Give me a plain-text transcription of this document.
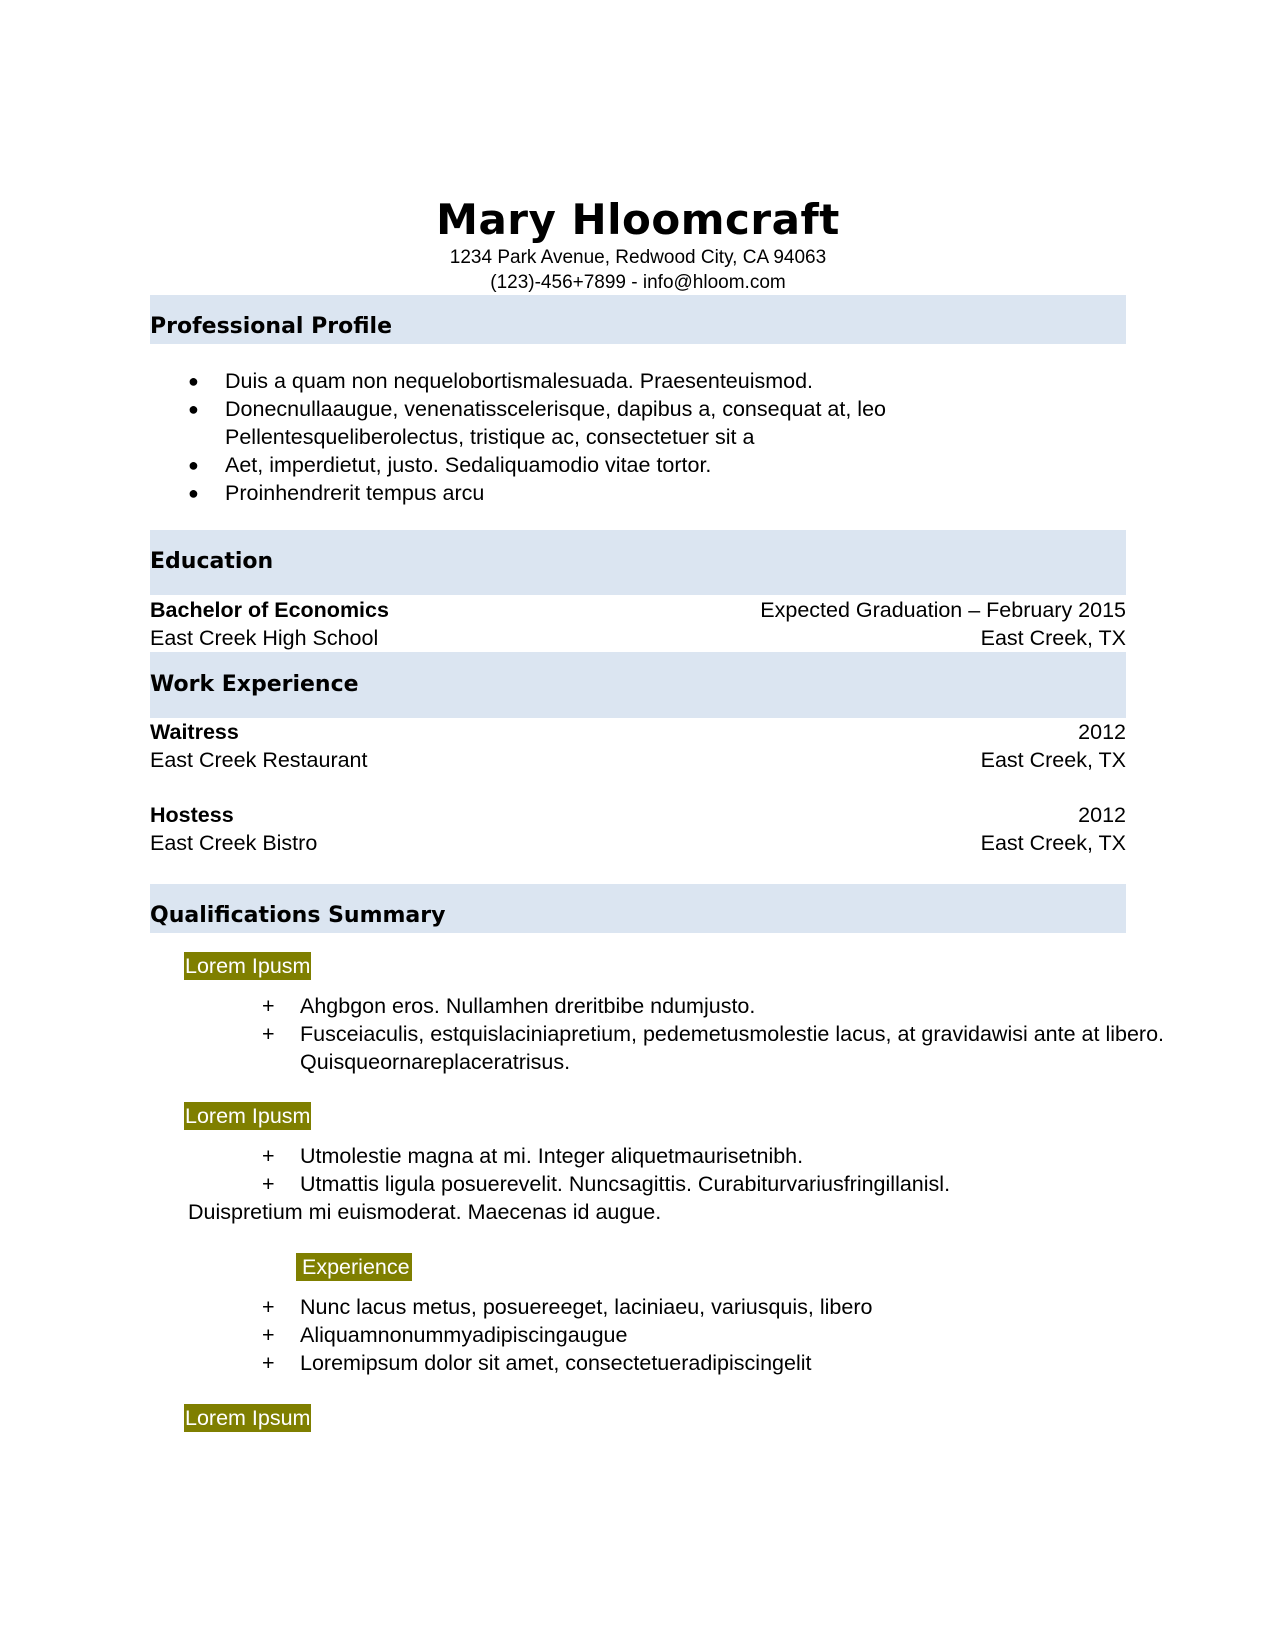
Mary Hloomcraft
1234 Park Avenue, Redwood City, CA 94063
(123)-456+7899 - info@hloom.com
Professional Profile
● Duis a quam non nequelobortismalesuada. Praesenteuismod.
● Donecnullaaugue, venenatisscelerisque, dapibus a, consequat at, leo Pellentesqueliberolectus, tristique ac, consectetuer sit a
● Aet, imperdietut, justo. Sedaliquamodio vitae tortor.
● Proinhendrerit tempus arcu
Education
Bachelor of Economics	Expected Graduation – February 2015
East Creek High School	East Creek, TX
Work Experience
Waitress	2012
East Creek Restaurant	East Creek, TX
Hostess	2012
East Creek Bistro	East Creek, TX
Qualifications Summary
Lorem Ipusm
+ Ahgbgon eros. Nullamhen dreritbibe ndumjusto.
+ Fusceiaculis, estquislaciniapretium, pedemetusmolestie lacus, at gravidawisi ante at libero. Quisqueornareplaceratrisus.
Lorem Ipusm
+ Utmolestie magna at mi. Integer aliquetmaurisetnibh.
+ Utmattis ligula posuerevelit. Nuncsagittis. Curabiturvariusfringillanisl.
Duispretium mi euismoderat. Maecenas id augue.
Experience
+ Nunc lacus metus, posuereeget, laciniaeu, variusquis, libero
+ Aliquamnonummyadipiscingaugue
+ Loremipsum dolor sit amet, consectetueradipiscingelit
Lorem Ipsum
